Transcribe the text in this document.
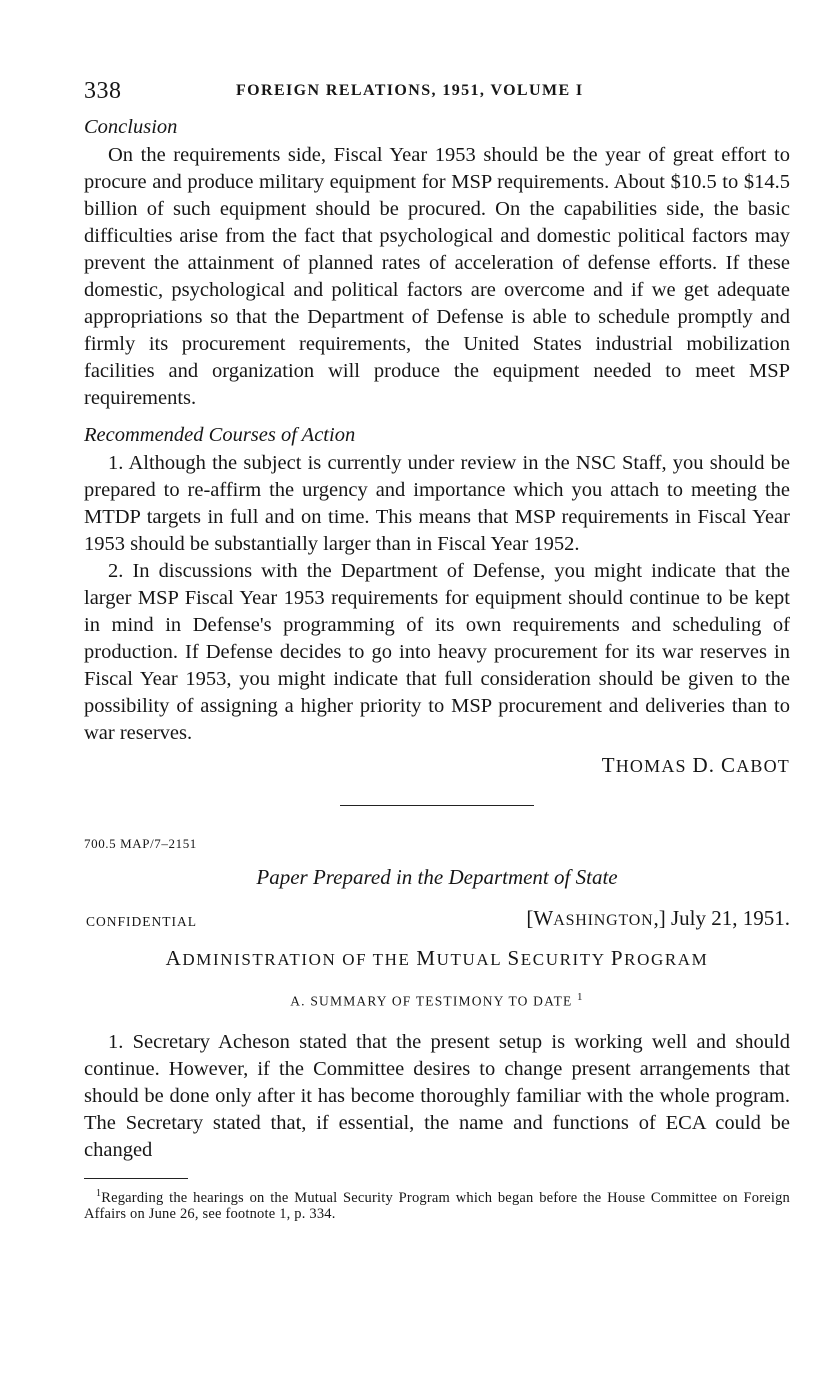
338	FOREIGN RELATIONS, 1951, VOLUME I
Conclusion

On the requirements side, Fiscal Year 1953 should be the year of great effort to procure and produce military equipment for MSP requirements. About $10.5 to $14.5 billion of such equipment should be procured. On the capabilities side, the basic difficulties arise from the fact that psychological and domestic political factors may prevent the attainment of planned rates of acceleration of defense efforts. If these domestic, psychological and political factors are overcome and if we get adequate appropriations so that the Department of Defense is able to schedule promptly and firmly its procurement requirements, the United States industrial mobilization facilities and organization will produce the equipment needed to meet MSP requirements.

Recommended Courses of Action

1. Although the subject is currently under review in the NSC Staff, you should be prepared to re-affirm the urgency and importance which you attach to meeting the MTDP targets in full and on time. This means that MSP requirements in Fiscal Year 1953 should be substantially larger than in Fiscal Year 1952.

2. In discussions with the Department of Defense, you might indicate that the larger MSP Fiscal Year 1953 requirements for equipment should continue to be kept in mind in Defense's programming of its own requirements and scheduling of production. If Defense decides to go into heavy procurement for its war reserves in Fiscal Year 1953, you might indicate that full consideration should be given to the possibility of assigning a higher priority to MSP procurement and deliveries than to war reserves.

THOMAS D. CABOT

700.5 MAP/7–2151

Paper Prepared in the Department of State
CONFIDENTIAL	[WASHINGTON,] July 21, 1951.
ADMINISTRATION OF THE MUTUAL SECURITY PROGRAM
A. SUMMARY OF TESTIMONY TO DATE $^1$

1. Secretary Acheson stated that the present setup is working well and should continue. However, if the Committee desires to change present arrangements that should be done only after it has become thoroughly familiar with the whole program. The Secretary stated that, if essential, the name and functions of ECA could be changed

$^1$Regarding the hearings on the Mutual Security Program which began before the House Committee on Foreign Affairs on June 26, see footnote 1, p. 334.
